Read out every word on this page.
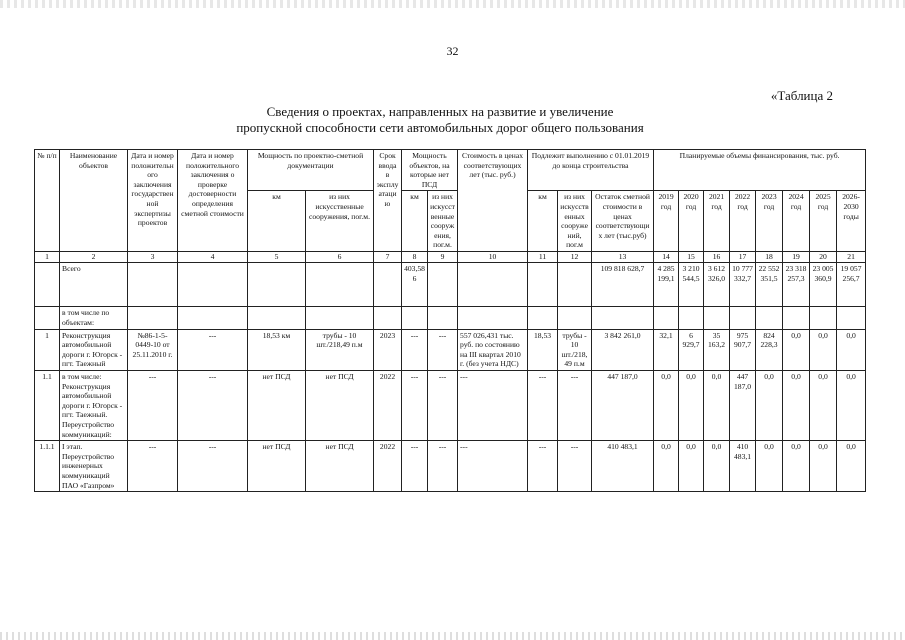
32
«Таблица 2
Сведения о проектах, направленных на развитие и увеличение
пропускной способности сети автомобильных дорог общего пользования
№ п/п	Наименование объектов	Дата и номер положительного заключения государственной экспертизы проектов	Дата и номер положительного заключения о проверке достоверности определения сметной стоимости	Мощность по проектно-сметной документации		Срок ввода в эксплуатацию	Мощность объектов, на которые нет ПСД		Стоимость в ценах соответствующих лет (тыс. руб.)	Подлежит выполнению с 01.01.2019 до конца строительства			Планируемые объемы финансирования, тыс. руб.							
				км	из них искусственные сооружения, пог.м.		км	из них искусственные сооружения, пог.м.		км	из них искусственных сооружений, пог.м	Остаток сметной стоимости в ценах соответствующих лет (тыс.руб)	2019 год	2020 год	2021 год	2022 год	2023 год	2024 год	2025 год	2026-2030 годы
1	2	3	4	5	6	7	8	9	10	11	12	13	14	15	16	17	18	19	20	21
	Всего						403,586					109 818 628,7	4 285 199,1	3 210 544,5	3 612 326,0	10 777 332,7	22 552 351,5	23 318 257,3	23 005 360,9	19 057 256,7
	в том числе по объектам:																			
1	Реконструкция автомобильной дороги г. Югорск - пгт. Таежный	№86-1-5-0449-10 от 25.11.2010 г.	---	18,53 км	трубы - 10 шт./218,49 п.м	2023	---	---	557 026,431 тыс. руб. по состоянию на III квартал 2010 г. (без учета НДС)	18,53	трубы - 10 шт./218,49 п.м	3 842 261,0	32,1	6 929,7	35 163,2	975 907,7	824 228,3	0,0	0,0	0,0
1.1	в том числе: Реконструкция автомобильной дороги г. Югорск - пгт. Таежный. Переустройство коммуникаций:	---	---	нет ПСД	нет ПСД	2022	---	---	---	---	---	447 187,0	0,0	0,0	0,0	447 187,0	0,0	0,0	0,0	0,0
1.1.1	I этап. Переустройство инженерных коммуникаций ПАО «Газпром»	---	---	нет ПСД	нет ПСД	2022	---	---	---	---	---	410 483,1	0,0	0,0	0,0	410 483,1	0,0	0,0	0,0	0,0
